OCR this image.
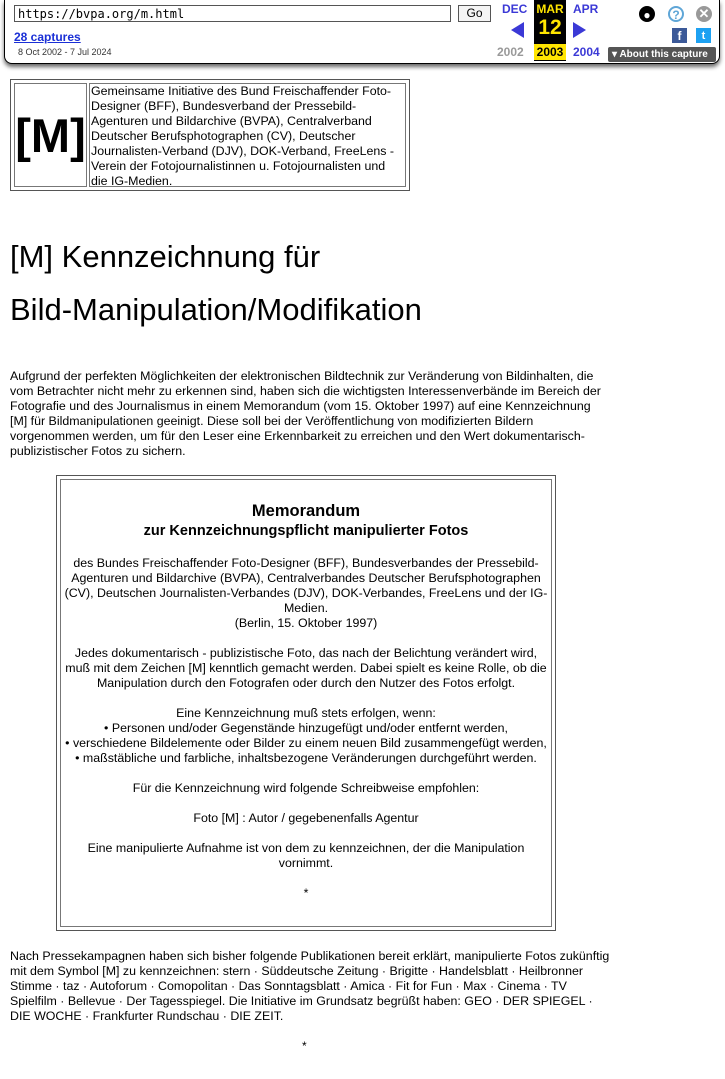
https://bvpa.org/m.html
Go
28 captures
8 Oct 2002 - 7 Jul 2024
DEC MAR
12
2003
APR
2002	2004
●	?	✕
f	t
▾ About this capture
[M]
Gemeinsame Initiative des Bund Freischaffender Foto-Designer (BFF), Bundesverband der Pressebild-Agenturen und Bildarchive (BVPA), Centralverband Deutscher Berufsphotographen (CV), Deutscher Journalisten-Verband (DJV), DOK-Verband, FreeLens - Verein der Fotojournalistinnen u. Fotojournalisten und die IG-Medien.
[M] Kennzeichnung für
Bild-Manipulation/Modifikation

Aufgrund der perfekten Möglichkeiten der elektronischen Bildtechnik zur Veränderung von Bildinhalten, die vom Betrachter nicht mehr zu erkennen sind, haben sich die wichtigsten Interessenverbände im Bereich der Fotografie und des Journalismus in einem Memorandum (vom 15. Oktober 1997) auf eine Kennzeichnung [M] für Bildmanipulationen geeinigt. Diese soll bei der Veröffentlichung von modifizierten Bildern vorgenommen werden, um für den Leser eine Erkennbarkeit zu erreichen und den Wert dokumentarisch-publizistischer Fotos zu sichern.

Memorandum
zur Kennzeichnungspflicht manipulierter Fotos

des Bundes Freischaffender Foto-Designer (BFF), Bundesverbandes der Pressebild-Agenturen und Bildarchive (BVPA), Centralverbandes Deutscher Berufsphotographen (CV), Deutschen Journalisten-Verbandes (DJV), DOK-Verbandes, FreeLens und der IG-Medien.

(Berlin, 15. Oktober 1997)

Jedes dokumentarisch - publizistische Foto, das nach der Belichtung verändert wird, muß mit dem Zeichen [M] kenntlich gemacht werden. Dabei spielt es keine Rolle, ob die Manipulation durch den Fotografen oder durch den Nutzer des Fotos erfolgt.

Eine Kennzeichnung muß stets erfolgen, wenn:

• Personen und/oder Gegenstände hinzugefügt und/oder entfernt werden,

• verschiedene Bildelemente oder Bilder zu einem neuen Bild zusammengefügt werden,

• maßstäbliche und farbliche, inhaltsbezogene Veränderungen durchgeführt werden.

Für die Kennzeichnung wird folgende Schreibweise empfohlen:

Foto [M] : Autor / gegebenenfalls Agentur

Eine manipulierte Aufnahme ist von dem zu kennzeichnen, der die Manipulation vornimmt.

*

Nach Pressekampagnen haben sich bisher folgende Publikationen bereit erklärt, manipulierte Fotos zukünftig mit dem Symbol [M] zu kennzeichnen: stern · Süddeutsche Zeitung · Brigitte · Handelsblatt · Heilbronner Stimme · taz · Autoforum · Comopolitan · Das Sonntagsblatt · Amica · Fit for Fun · Max · Cinema · TV Spielfilm · Bellevue · Der Tagesspiegel. Die Initiative im Grundsatz begrüßt haben: GEO · DER SPIEGEL · DIE WOCHE · Frankfurter Rundschau · DIE ZEIT.

*
